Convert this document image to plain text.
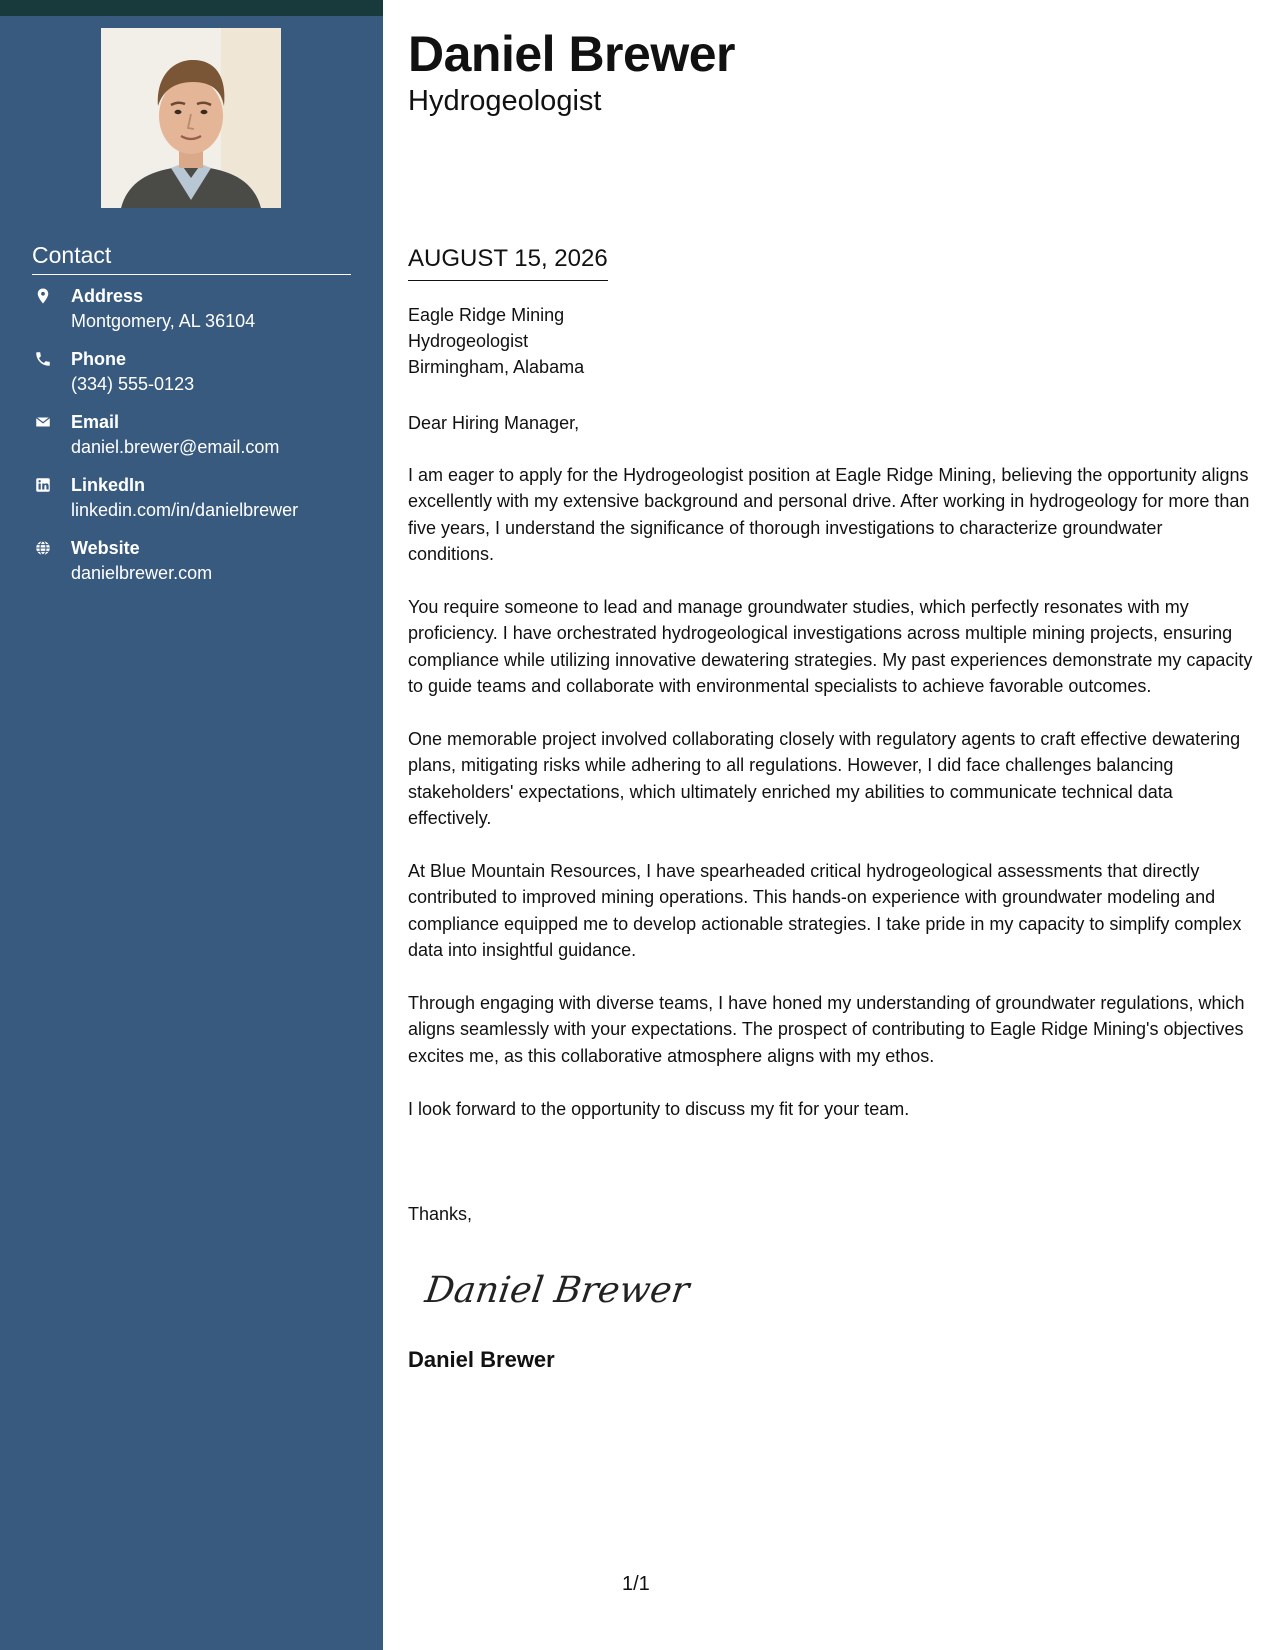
Contact
Address
Montgomery, AL 36104
Phone
(334) 555-0123
Email
daniel.brewer@email.com
LinkedIn
linkedin.com/in/danielbrewer
Website
danielbrewer.com
Daniel Brewer
Hydrogeologist
AUGUST 15, 2026
Eagle Ridge Mining
Hydrogeologist
Birmingham, Alabama
Dear Hiring Manager,

I am eager to apply for the Hydrogeologist position at Eagle Ridge Mining, believing the opportunity aligns excellently with my extensive background and personal drive. After working in hydrogeology for more than five years, I understand the significance of thorough investigations to characterize groundwater conditions.

You require someone to lead and manage groundwater studies, which perfectly resonates with my proficiency. I have orchestrated hydrogeological investigations across multiple mining projects, ensuring compliance while utilizing innovative dewatering strategies. My past experiences demonstrate my capacity to guide teams and collaborate with environmental specialists to achieve favorable outcomes.

One memorable project involved collaborating closely with regulatory agents to craft effective dewatering plans, mitigating risks while adhering to all regulations. However, I did face challenges balancing stakeholders' expectations, which ultimately enriched my abilities to communicate technical data effectively.

At Blue Mountain Resources, I have spearheaded critical hydrogeological assessments that directly contributed to improved mining operations. This hands-on experience with groundwater modeling and compliance equipped me to develop actionable strategies. I take pride in my capacity to simplify complex data into insightful guidance.

Through engaging with diverse teams, I have honed my understanding of groundwater regulations, which aligns seamlessly with your expectations. The prospect of contributing to Eagle Ridge Mining's objectives excites me, as this collaborative atmosphere aligns with my ethos.

I look forward to the opportunity to discuss my fit for your team.

Thanks,
Daniel Brewer
Daniel Brewer
1/1
